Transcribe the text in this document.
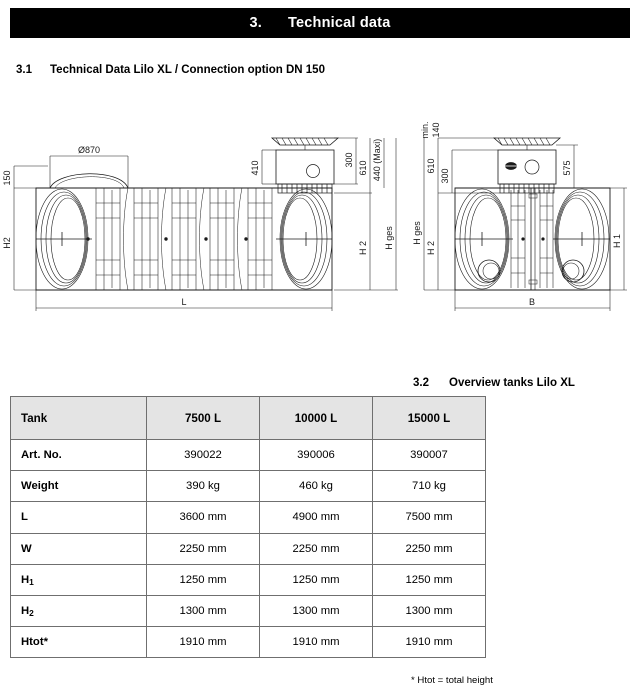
3. Technical data
3.1 Technical Data Lilo XL / Connection option DN 150
150
Ø870
H2
410
300
610 440 (Maxi)
H 2 H ges
L
min. 140
610
300
575
H ges
H 2	H 1
B
3.2 Overview tanks Lilo XL
Tank	7500 L	10000 L	15000 L
Art. No.	390022	390006	390007
Weight	390 kg	460 kg	710 kg
L	3600 mm	4900 mm	7500 mm
W	2250 mm	2250 mm	2250 mm
$H_1$	1250 mm	1250 mm	1250 mm
$H_2$	1300 mm	1300 mm	1300 mm
Htot*	1910 mm	1910 mm	1910 mm
* Htot = total height
